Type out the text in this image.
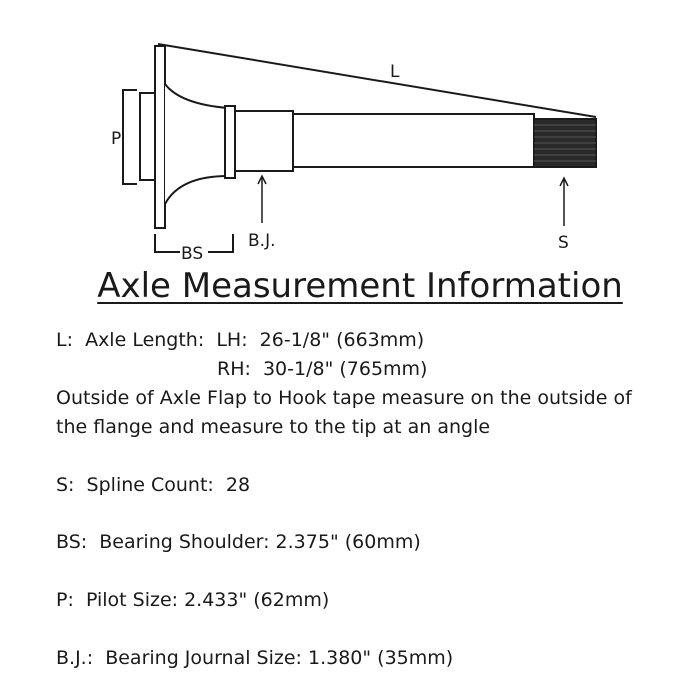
L
P
BS
B.J.	S
Axle Measurement Information
L:  Axle Length:  LH:  26-1/8" (663mm)
RH:  30-1/8" (765mm)
Outside of Axle Flap to Hook tape measure on the outside of the flange and measure to the tip at an angle
S:  Spline Count:  28
BS:  Bearing Shoulder: 2.375" (60mm)
P:  Pilot Size: 2.433" (62mm)
B.J.:  Bearing Journal Size: 1.380" (35mm)
